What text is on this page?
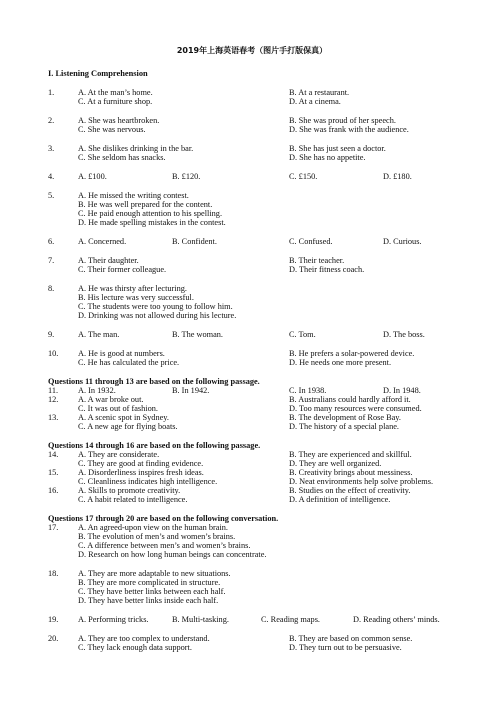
2019年上海英语春考（图片手打版保真）
I. Listening Comprehension
1.	A. At the man’s home.	B. At a restaurant.
C. At a furniture shop.	D. At a cinema.
2.	A. She was heartbroken.	B. She was proud of her speech.
C. She was nervous.	D. She was frank with the audience.
3.	A. She dislikes drinking in the bar.	B. She has just seen a doctor.
C. She seldom has snacks.	D. She has no appetite.
4.	A. £100.	B. £120.	C. £150.	D. £180.
5.	A. He missed the writing contest.
B. He was well prepared for the content.
C. He paid enough attention to his spelling.
D. He made spelling mistakes in the contest.
6.	A. Concerned.	B. Confident.	C. Confused.	D. Curious.
7.	A. Their daughter.	B. Their teacher.
C. Their former colleague.	D. Their fitness coach.
8.	A. He was thirsty after lecturing.
B. His lecture was very successful.
C. The students were too young to follow him.
D. Drinking was not allowed during his lecture.
9.	A. The man.	B. The woman.	C. Tom.	D. The boss.
10. A. He is good at numbers.	B. He prefers a solar-powered device.
C. He has calculated the price.	D. He needs one more present.
Questions 11 through 13 are based on the following passage.
11. A. In 1932.	B. In 1942.	C. In 1938.	D. In 1948.
12. A. A war broke out.	B. Australians could hardly afford it.
C. It was out of fashion.	D. Too many resources were consumed.
13. A. A scenic spot in Sydney.	B. The development of Rose Bay.
C. A new age for flying boats.	D. The history of a special plane.
Questions 14 through 16 are based on the following passage.
14. A. They are considerate.	B. They are experienced and skillful.
C. They are good at finding evidence.	D. They are well organized.
15. A. Disorderliness inspires fresh ideas.	B. Creativity brings about messiness.
C. Cleanliness indicates high intelligence.	D. Neat environments help solve problems.
16. A. Skills to promote creativity.	B. Studies on the effect of creativity.
C. A habit related to intelligence.	D. A definition of intelligence.
Questions 17 through 20 are based on the following conversation.
17. A. An agreed-upon view on the human brain.
B. The evolution of men’s and women’s brains.
C. A difference between men’s and women’s brains.
D. Research on how long human beings can concentrate.
18. A. They are more adaptable to new situations.
B. They are more complicated in structure.
C. They have better links between each half.
D. They have better links inside each half.
19. A. Performing tricks.	B. Multi-tasking.	C. Reading maps.	D. Reading others’ minds.
20. A. They are too complex to understand.	B. They are based on common sense.
C. They lack enough data support.	D. They turn out to be persuasive.
